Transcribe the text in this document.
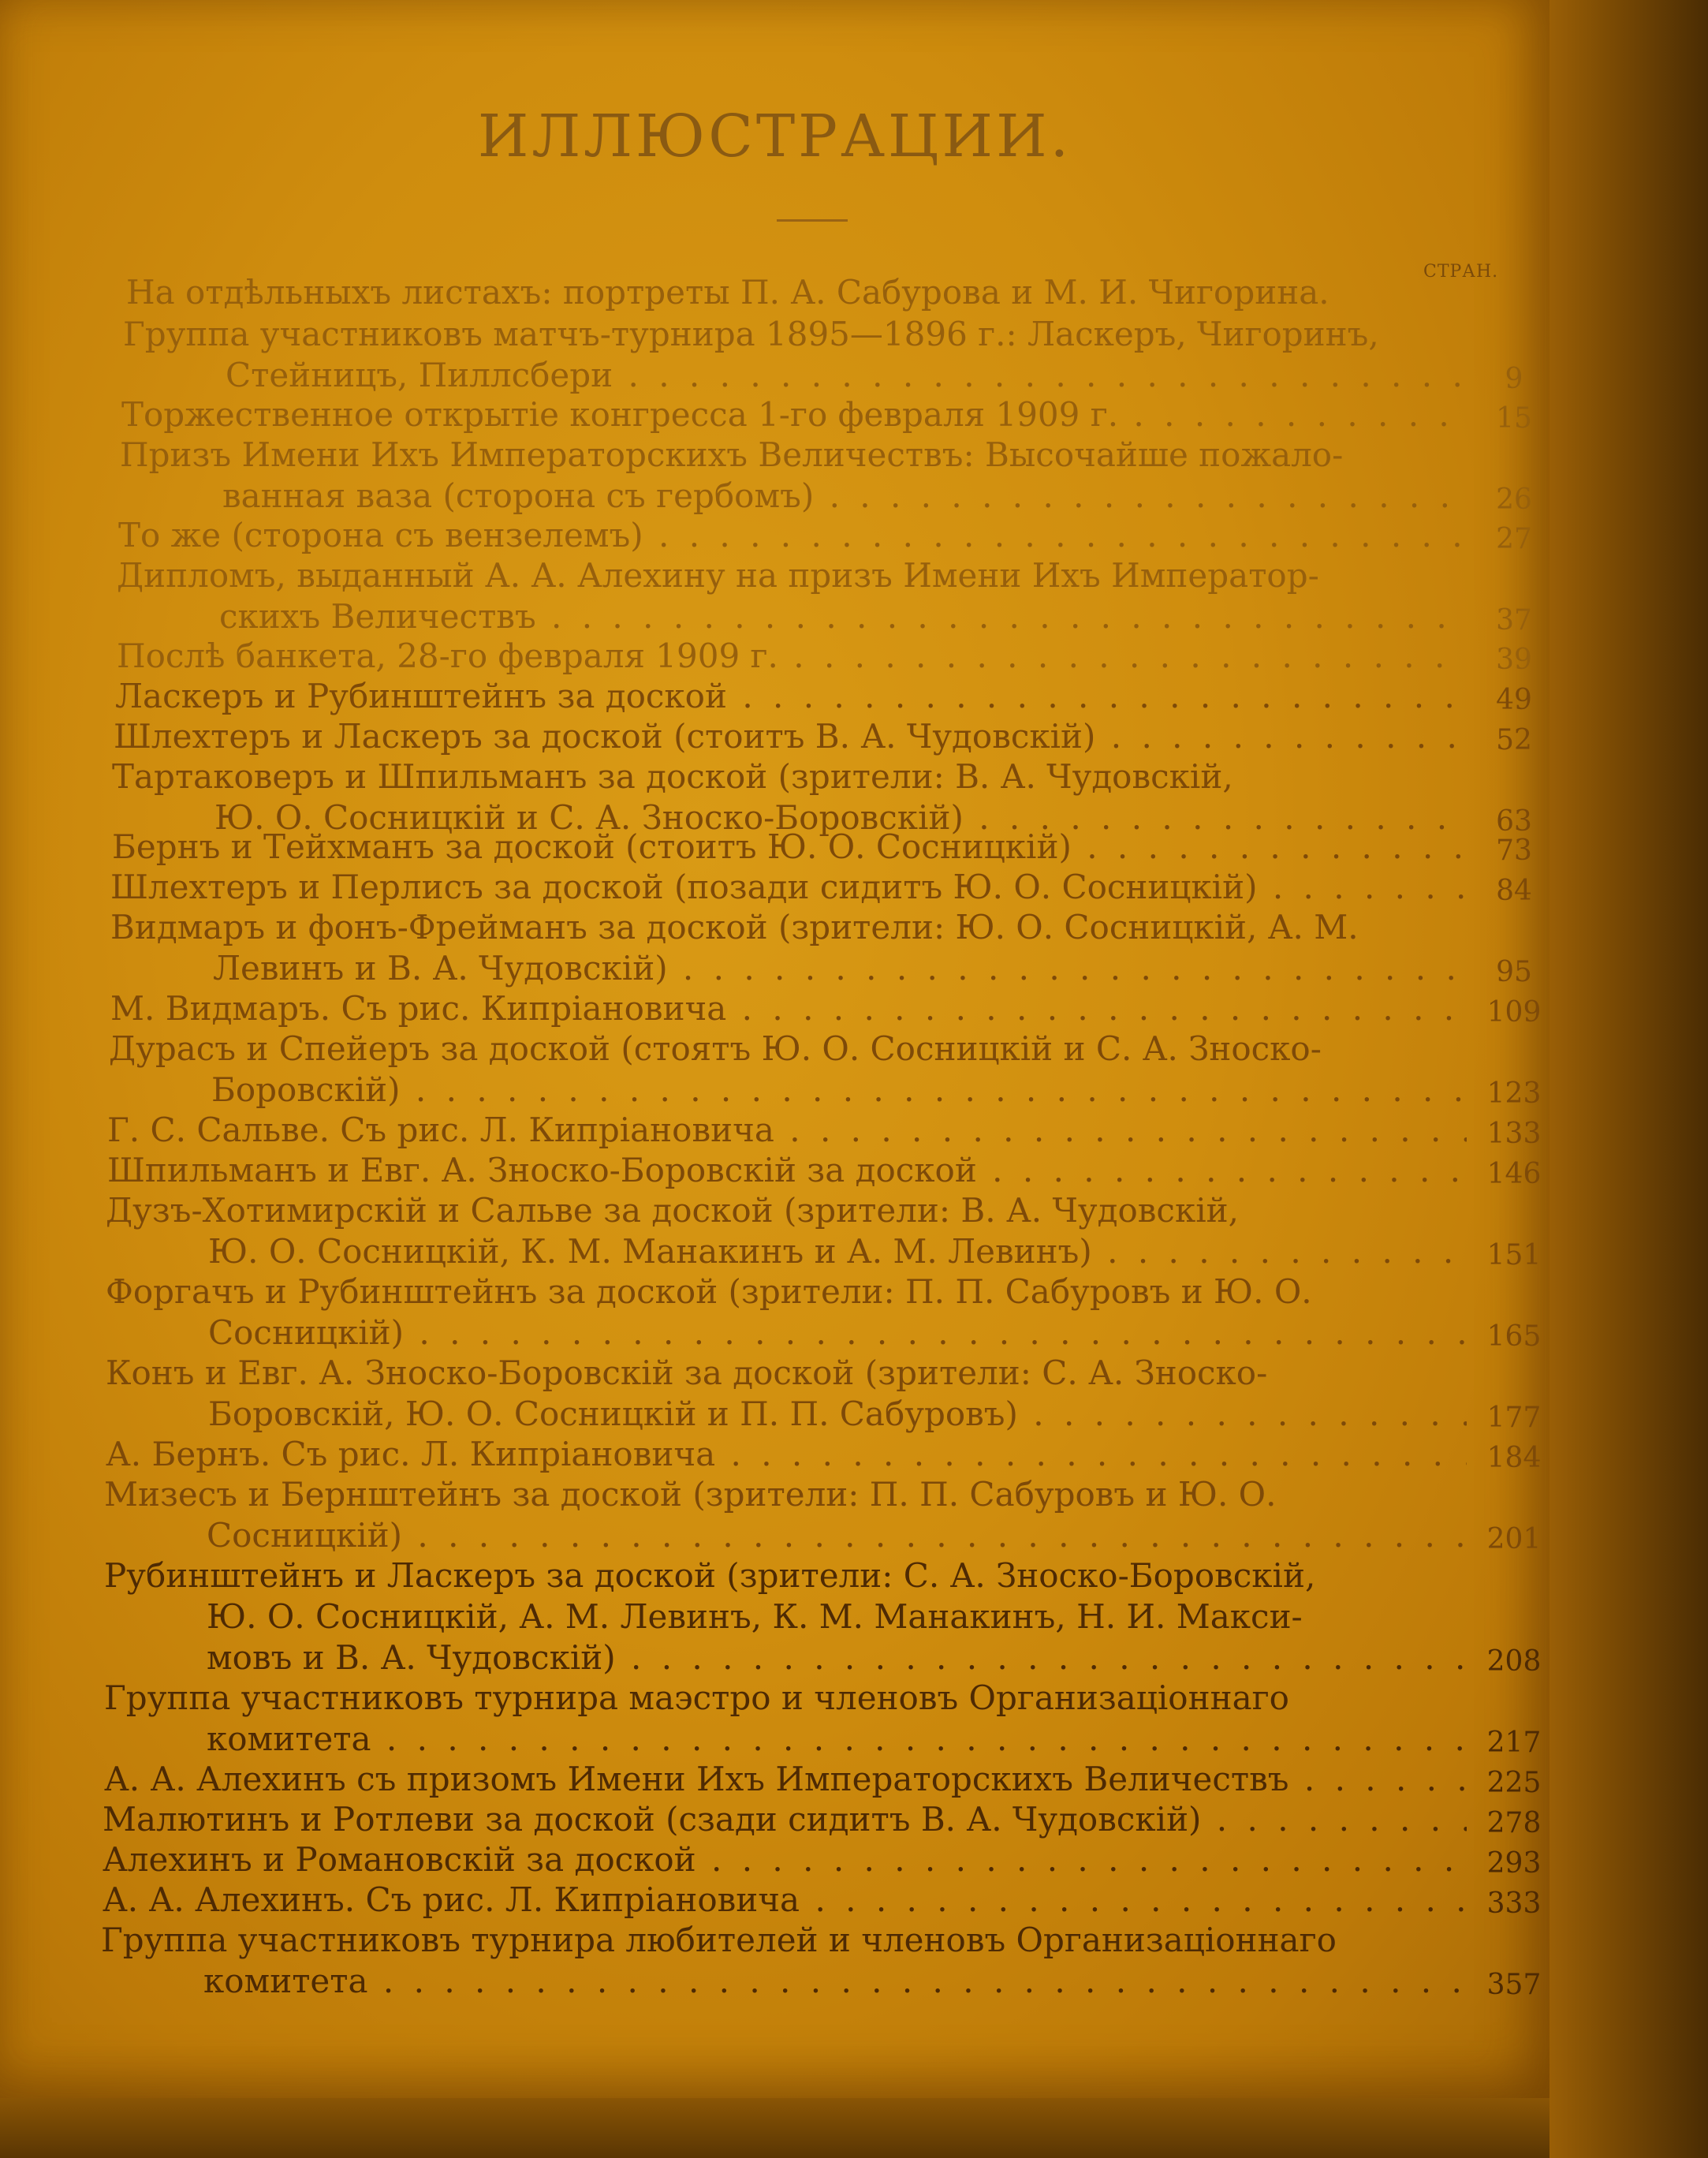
ИЛЛЮСТРАЦИИ.
СТРАН.
На отдѣльныхъ листахъ: портреты П. А. Сабурова и М. И. Чигорина.
Группа участниковъ матчъ-турнира 1895—1896 г.: Ласкеръ, Чигоринъ,
Стейницъ, Пиллсбери . . .	9
Торжественное открытіе конгресса 1-го февраля 1909 г. . . .	15
Призъ Имени Ихъ Императорскихъ Величествъ: Высочайше пожало-
ванная ваза (сторона съ гербомъ) . . .	26
То же (сторона съ вензелемъ) . . .	27
Дипломъ, выданный А. А. Алехину на призъ Имени Ихъ Император-
скихъ Величествъ . . .	37
Послѣ банкета, 28-го февраля 1909 г. . . .	39
Ласкеръ и Рубинштейнъ за доской . . .	49
Шлехтеръ и Ласкеръ за доской (стоитъ В. А. Чудовскій) . . .	52
Тартаковеръ и Шпильманъ за доской (зрители: В. А. Чудовскій,
Ю. О. Сосницкій и С. А. Зноско-Боровскій) . . .	63
Бернъ и Тейхманъ за доской (стоитъ Ю. О. Сосницкій) . . .	73
Шлехтеръ и Перлисъ за доской (позади сидитъ Ю. О. Сосницкій) . . .	84
Видмаръ и фонъ-Фрейманъ за доской (зрители: Ю. О. Сосницкій, А. М.
Левинъ и В. А. Чудовскій) . . .	95
М. Видмаръ. Съ рис. Кипріановича . . .	109
Дурасъ и Спейеръ за доской (стоятъ Ю. О. Сосницкій и С. А. Зноско-
Боровскій) . . .	123
Г. С. Сальве. Съ рис. Л. Кипріановича . . .	133
Шпильманъ и Евг. А. Зноско-Боровскій за доской . . .	146
Дузъ-Хотимирскій и Сальве за доской (зрители: В. А. Чудовскій,
Ю. О. Сосницкій, К. М. Манакинъ и А. М. Левинъ) . . .	151
Форгачъ и Рубинштейнъ за доской (зрители: П. П. Сабуровъ и Ю. О.
Сосницкій) . . .	165
Конъ и Евг. А. Зноско-Боровскій за доской (зрители: С. А. Зноско-
Боровскій, Ю. О. Сосницкій и П. П. Сабуровъ) . . .	177
А. Бернъ. Съ рис. Л. Кипріановича . . .	184
Мизесъ и Бернштейнъ за доской (зрители: П. П. Сабуровъ и Ю. О.
Сосницкій) . . .	201
Рубинштейнъ и Ласкеръ за доской (зрители: С. А. Зноско-Боровскій,
Ю. О. Сосницкій, А. М. Левинъ, К. М. Манакинъ, Н. И. Макси-
мовъ и В. А. Чудовскій) . . .	208
Группа участниковъ турнира маэстро и членовъ Организаціоннаго
комитета . . .	217
А. А. Алехинъ съ призомъ Имени Ихъ Императорскихъ Величествъ . . .	225
Малютинъ и Ротлеви за доской (сзади сидитъ В. А. Чудовскій) . . .	278
Алехинъ и Романовскій за доской . . .	293
А. А. Алехинъ. Съ рис. Л. Кипріановича . . .	333
Группа участниковъ турнира любителей и членовъ Организаціоннаго
комитета . . .	357
